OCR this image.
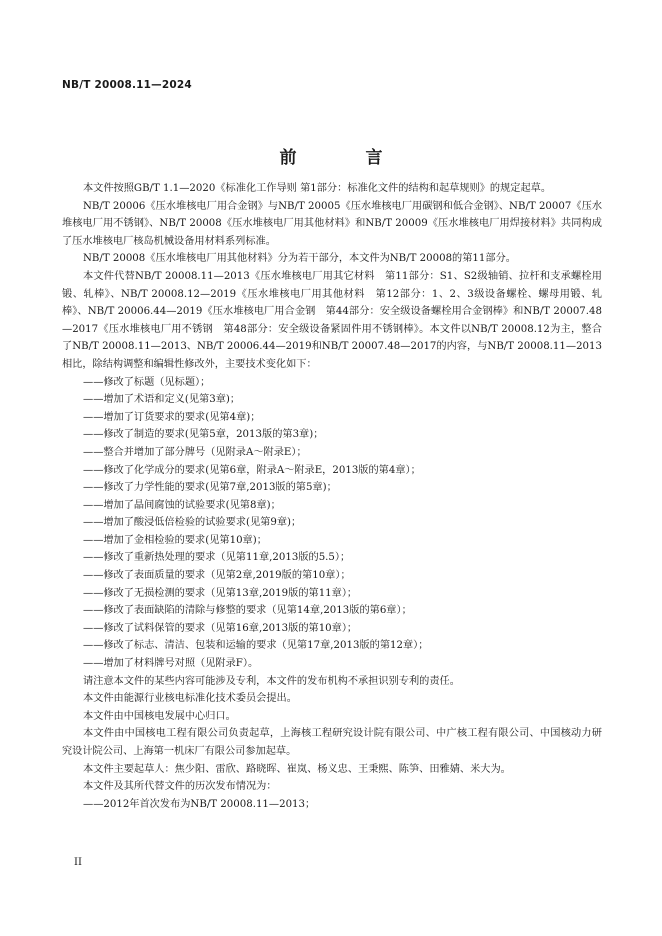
NB/T 20008.11—2024
前　言

本文件按照GB/T 1.1—2020《标准化工作导则 第1部分：标准化文件的结构和起草规则》的规定起草。

NB/T 20006《压水堆核电厂用合金钢》与NB/T 20005《压水堆核电厂用碳钢和低合金钢》、NB/T 20007《压水堆核电厂用不锈钢》、NB/T 20008《压水堆核电厂用其他材料》和NB/T 20009《压水堆核电厂用焊接材料》共同构成了压水堆核电厂核岛机械设备用材料系列标准。

NB/T 20008《压水堆核电厂用其他材料》分为若干部分，本文件为NB/T 20008的第11部分。

本文件代替NB/T 20008.11—2013《压水堆核电厂用其它材料　第11部分：S1、S2级轴销、拉杆和支承螺栓用锻、轧棒》、NB/T 20008.12—2019《压水堆核电厂用其他材料　第12部分：1、2、3级设备螺栓、螺母用锻、轧棒》、NB/T 20006.44—2019《压水堆核电厂用合金钢　第44部分：安全级设备螺栓用合金钢棒》和NB/T 20007.48—2017《压水堆核电厂用不锈钢　第48部分：安全级设备紧固件用不锈钢棒》。本文件以NB/T 20008.12为主，整合了NB/T 20008.11—2013、NB/T 20006.44—2019和NB/T 20007.48—2017的内容，与NB/T 20008.11—2013相比，除结构调整和编辑性修改外，主要技术变化如下：

——修改了标题（见标题）；

——增加了术语和定义(见第3章)；

——增加了订货要求的要求(见第4章)；

——修改了制造的要求(见第5章，2013版的第3章)；

——整合并增加了部分牌号（见附录A～附录E）；

——修改了化学成分的要求(见第6章，附录A～附录E，2013版的第4章）；

——修改了力学性能的要求(见第7章,2013版的第5章)；

——增加了晶间腐蚀的试验要求(见第8章)；

——增加了酸浸低倍检验的试验要求(见第9章)；

——增加了金相检验的要求(见第10章)；

——修改了重新热处理的要求（见第11章,2013版的5.5）；

——修改了表面质量的要求（见第2章,2019版的第10章）；

——修改了无损检测的要求（见第13章,2019版的第11章）；

——修改了表面缺陷的清除与修整的要求（见第14章,2013版的第6章）；

——修改了试料保管的要求（见第16章,2013版的第10章）；

——修改了标志、清洁、包装和运输的要求（见第17章,2013版的第12章）；

——增加了材料牌号对照（见附录F）。

请注意本文件的某些内容可能涉及专利，本文件的发布机构不承担识别专利的责任。

本文件由能源行业核电标准化技术委员会提出。

本文件由中国核电发展中心归口。

本文件由中国核电工程有限公司负责起草，上海核工程研究设计院有限公司、中广核工程有限公司、中国核动力研究设计院公司、上海第一机床厂有限公司参加起草。

本文件主要起草人：焦少阳、雷欣、路晓晖、崔岚、杨义忠、王秉熙、陈笋、田雅婧、米大为。

本文件及其所代替文件的历次发布情况为：

——2012年首次发布为NB/T 20008.11—2013；

II
